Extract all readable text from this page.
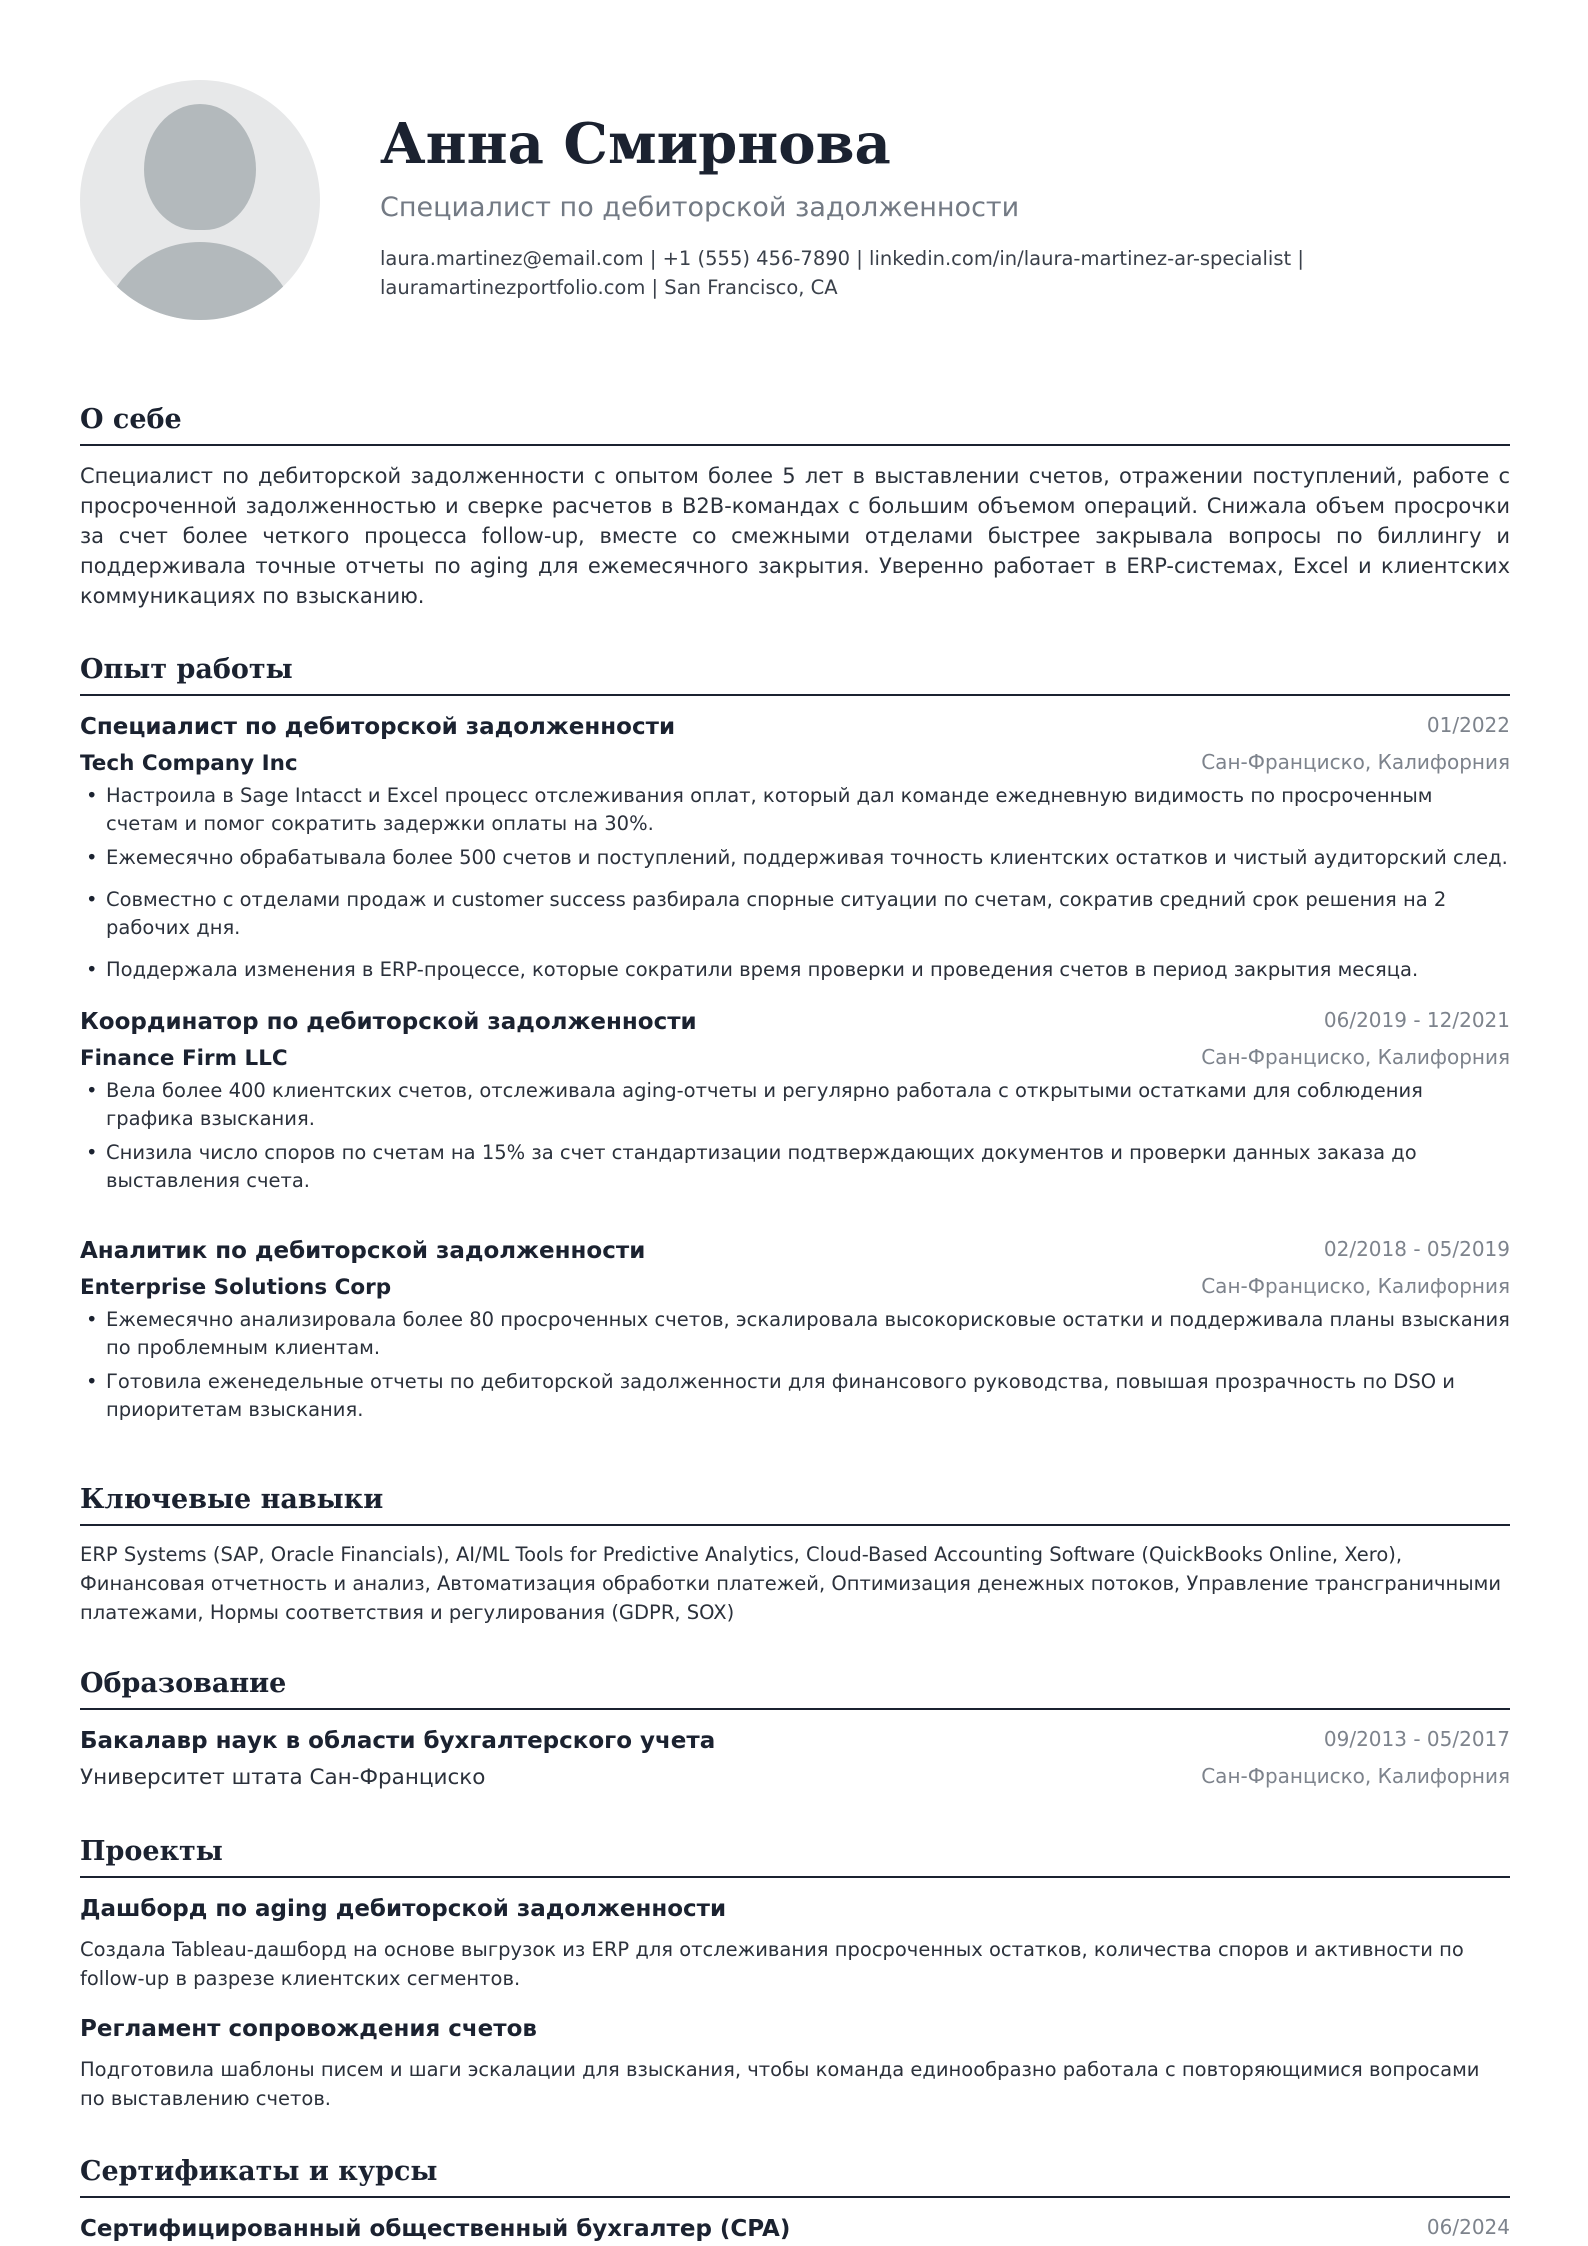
Анна Смирнова
Специалист по дебиторской задолженности
laura.martinez@email.com | +1 (555) 456-7890 | linkedin.com/in/laura-martinez-ar-specialist |
lauramartinezportfolio.com | San Francisco, CA
О себе
Специалист по дебиторской задолженности с опытом более 5 лет в выставлении счетов, отражении поступлений, работе с просроченной задолженностью и сверке расчетов в B2B-командах с большим объемом операций. Снижала объем просрочки за счет более четкого процесса follow-up, вместе со смежными отделами быстрее закрывала вопросы по биллингу и поддерживала точные отчеты по aging для ежемесячного закрытия. Уверенно работает в ERP-системах, Excel и клиентских коммуникациях по взысканию.
Опыт работы
Специалист по дебиторской задолженности	01/2022
Tech Company Inc	Сан-Франциско, Калифорния
• Настроила в Sage Intacct и Excel процесс отслеживания оплат, который дал команде ежедневную видимость по просроченным счетам и помог сократить задержки оплаты на 30%.
• Ежемесячно обрабатывала более 500 счетов и поступлений, поддерживая точность клиентских остатков и чистый аудиторский след.
• Совместно с отделами продаж и customer success разбирала спорные ситуации по счетам, сократив средний срок решения на 2 рабочих дня.
• Поддержала изменения в ERP-процессе, которые сократили время проверки и проведения счетов в период закрытия месяца.
Координатор по дебиторской задолженности	06/2019 - 12/2021
Finance Firm LLC	Сан-Франциско, Калифорния
• Вела более 400 клиентских счетов, отслеживала aging-отчеты и регулярно работала с открытыми остатками для соблюдения графика взыскания.
• Снизила число споров по счетам на 15% за счет стандартизации подтверждающих документов и проверки данных заказа до выставления счета.
Аналитик по дебиторской задолженности	02/2018 - 05/2019
Enterprise Solutions Corp	Сан-Франциско, Калифорния
• Ежемесячно анализировала более 80 просроченных счетов, эскалировала высокорисковые остатки и поддерживала планы взыскания по проблемным клиентам.
• Готовила еженедельные отчеты по дебиторской задолженности для финансового руководства, повышая прозрачность по DSO и приоритетам взыскания.
Ключевые навыки
ERP Systems (SAP, Oracle Financials), AI/ML Tools for Predictive Analytics, Cloud-Based Accounting Software (QuickBooks Online, Xero), Финансовая отчетность и анализ, Автоматизация обработки платежей, Оптимизация денежных потоков, Управление трансграничными платежами, Нормы соответствия и регулирования (GDPR, SOX)
Образование
Бакалавр наук в области бухгалтерского учета	09/2013 - 05/2017
Университет штата Сан-Франциско	Сан-Франциско, Калифорния
Проекты
Дашборд по aging дебиторской задолженности
Создала Tableau-дашборд на основе выгрузок из ERP для отслеживания просроченных остатков, количества споров и активности по follow-up в разрезе клиентских сегментов.
Регламент сопровождения счетов
Подготовила шаблоны писем и шаги эскалации для взыскания, чтобы команда единообразно работала с повторяющимися вопросами по выставлению счетов.
Сертификаты и курсы
Сертифицированный общественный бухгалтер (CPA)	06/2024
